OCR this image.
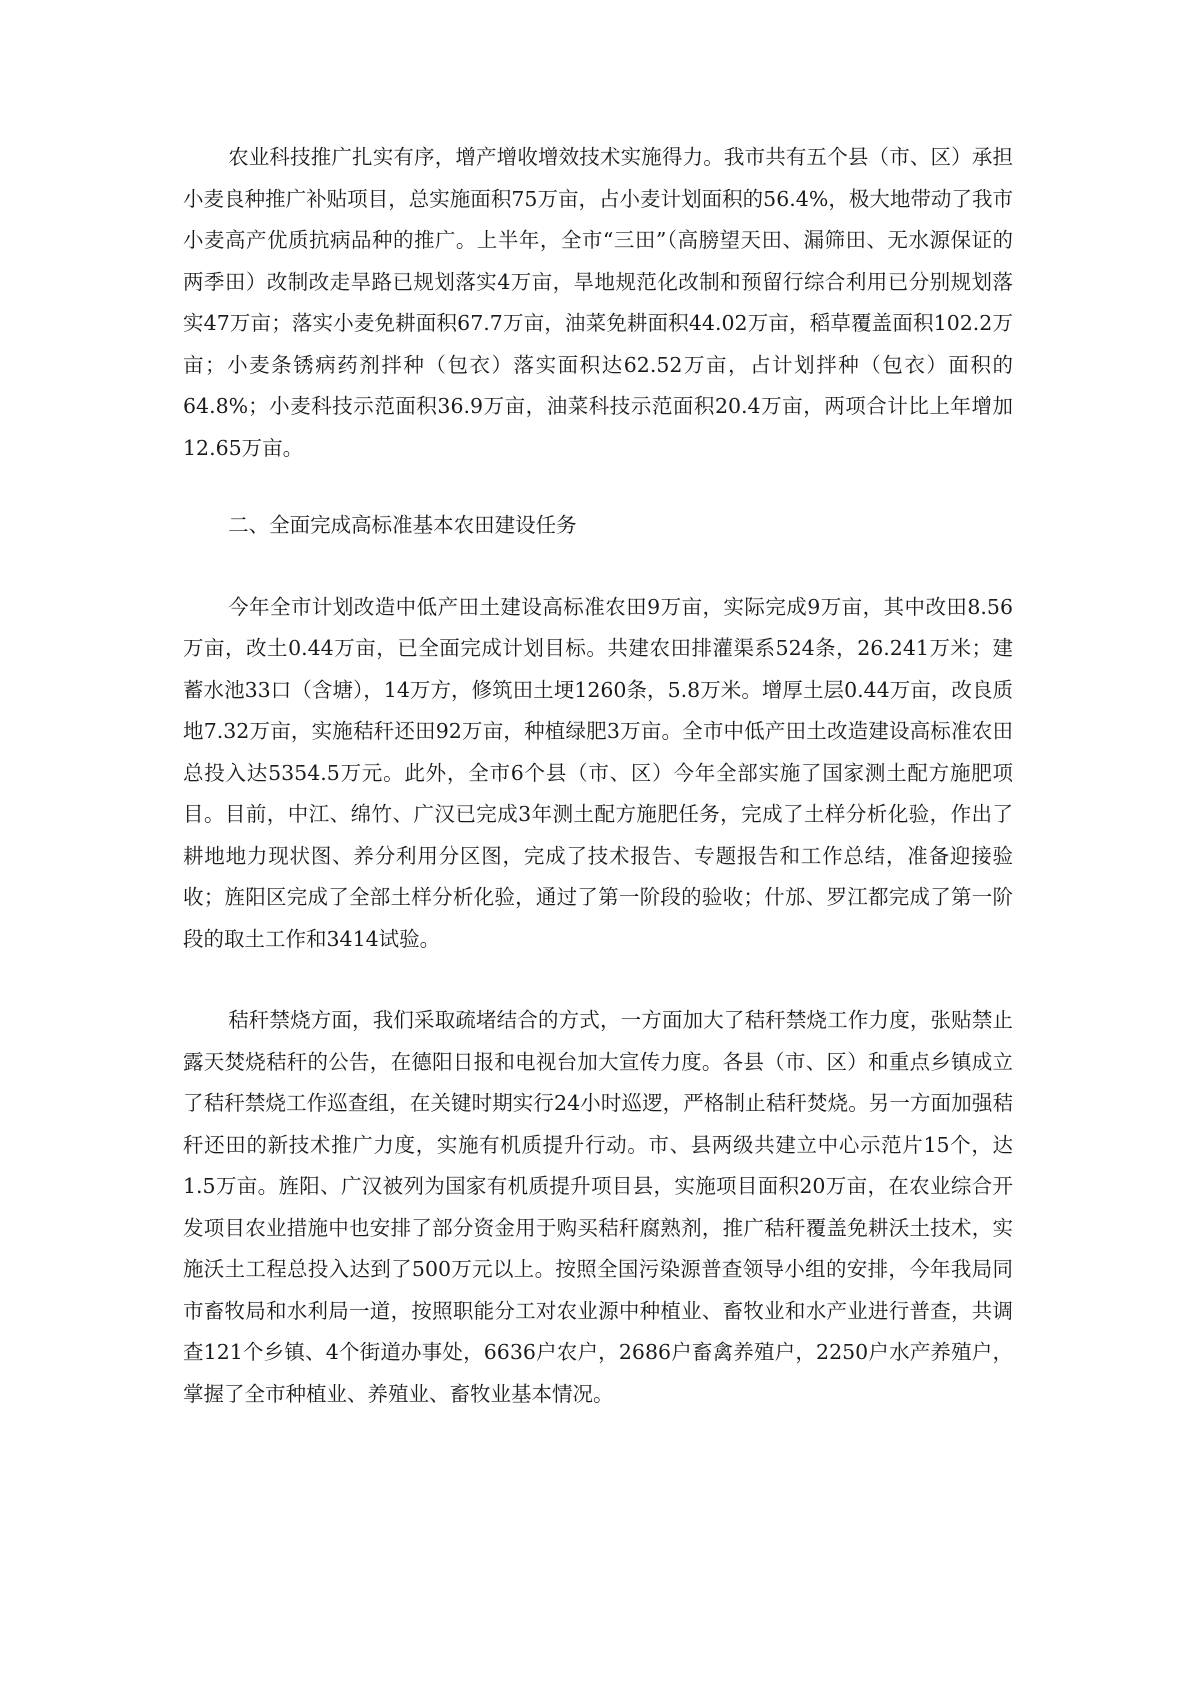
农业科技推广扎实有序，增产增收增效技术实施得力。我市共有五个县（市、区）承担小麦良种推广补贴项目，总实施面积75万亩，占小麦计划面积的56.4%，极大地带动了我市小麦高产优质抗病品种的推广。上半年，全市“三田”（高膀望天田、漏筛田、无水源保证的两季田）改制改走旱路已规划落实4万亩，旱地规范化改制和预留行综合利用已分别规划落实47万亩；落实小麦免耕面积67.7万亩，油菜免耕面积44.02万亩，稻草覆盖面积102.2万亩；小麦条锈病药剂拌种（包衣）落实面积达62.52万亩，占计划拌种（包衣）面积的64.8%；小麦科技示范面积36.9万亩，油菜科技示范面积20.4万亩，两项合计比上年增加12.65万亩。

二、全面完成高标准基本农田建设任务

今年全市计划改造中低产田土建设高标准农田9万亩，实际完成9万亩，其中改田8.56万亩，改土0.44万亩，已全面完成计划目标。共建农田排灌渠系524条，26.241万米；建蓄水池33口（含塘），14万方，修筑田土埂1260条，5.8万米。增厚土层0.44万亩，改良质地7.32万亩，实施秸秆还田92万亩，种植绿肥3万亩。全市中低产田土改造建设高标准农田总投入达5354.5万元。此外，全市6个县（市、区）今年全部实施了国家测土配方施肥项目。目前，中江、绵竹、广汉已完成3年测土配方施肥任务，完成了土样分析化验，作出了耕地地力现状图、养分利用分区图，完成了技术报告、专题报告和工作总结，准备迎接验收；旌阳区完成了全部土样分析化验，通过了第一阶段的验收；什邡、罗江都完成了第一阶段的取土工作和3414试验。

秸秆禁烧方面，我们采取疏堵结合的方式，一方面加大了秸秆禁烧工作力度，张贴禁止露天焚烧秸秆的公告，在德阳日报和电视台加大宣传力度。各县（市、区）和重点乡镇成立了秸秆禁烧工作巡查组，在关键时期实行24小时巡逻，严格制止秸秆焚烧。另一方面加强秸秆还田的新技术推广力度，实施有机质提升行动。市、县两级共建立中心示范片15个，达1.5万亩。旌阳、广汉被列为国家有机质提升项目县，实施项目面积20万亩，在农业综合开发项目农业措施中也安排了部分资金用于购买秸秆腐熟剂，推广秸秆覆盖免耕沃土技术，实施沃土工程总投入达到了500万元以上。按照全国污染源普查领导小组的安排，今年我局同市畜牧局和水利局一道，按照职能分工对农业源中种植业、畜牧业和水产业进行普查，共调查121个乡镇、4个街道办事处，6636户农户，2686户畜禽养殖户，2250户水产养殖户，掌握了全市种植业、养殖业、畜牧业基本情况。
